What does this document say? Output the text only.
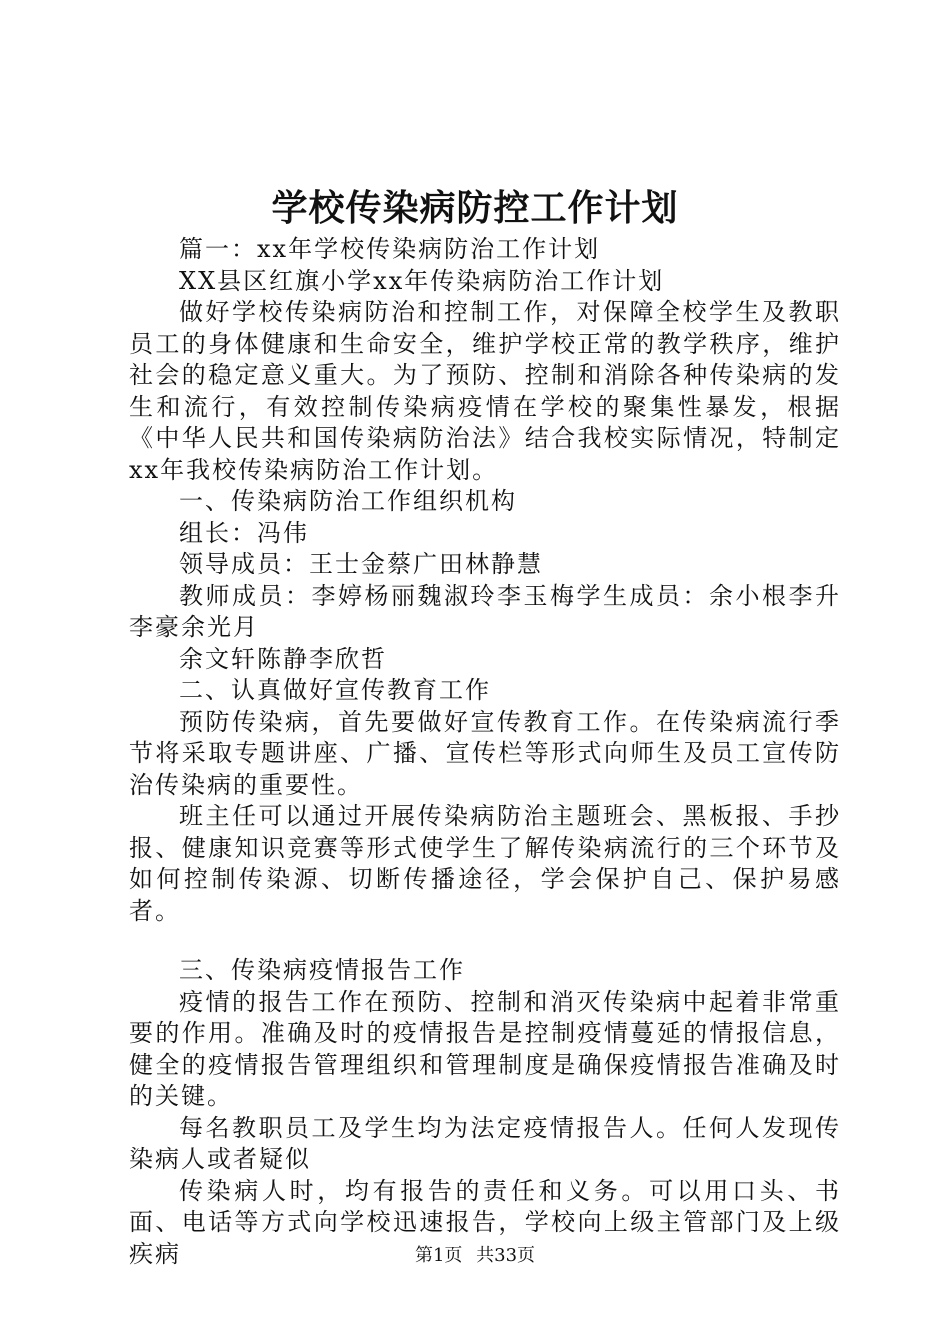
学校传染病防控工作计划

篇一：xx年学校传染病防治工作计划

XX县区红旗小学xx年传染病防治工作计划

做好学校传染病防治和控制工作，对保障全校学生及教职员工的身体健康和生命安全，维护学校正常的教学秩序，维护社会的稳定意义重大。为了预防、控制和消除各种传染病的发生和流行，有效控制传染病疫情在学校的聚集性暴发，根据《中华人民共和国传染病防治法》结合我校实际情况，特制定xx年我校传染病防治工作计划。

一、传染病防治工作组织机构

组长：冯伟

领导成员：王士金蔡广田林静慧

教师成员：李婷杨丽魏淑玲李玉梅学生成员：余小根李升李豪余光月

余文轩陈静李欣哲

二、认真做好宣传教育工作

预防传染病，首先要做好宣传教育工作。在传染病流行季节将采取专题讲座、广播、宣传栏等形式向师生及员工宣传防治传染病的重要性。

班主任可以通过开展传染病防治主题班会、黑板报、手抄报、健康知识竞赛等形式使学生了解传染病流行的三个环节及如何控制传染源、切断传播途径，学会保护自己、保护易感者。

三、传染病疫情报告工作

疫情的报告工作在预防、控制和消灭传染病中起着非常重要的作用。准确及时的疫情报告是控制疫情蔓延的情报信息，健全的疫情报告管理组织和管理制度是确保疫情报告准确及时的关键。

每名教职员工及学生均为法定疫情报告人。任何人发现传染病人或者疑似

传染病人时，均有报告的责任和义务。可以用口头、书面、电话等方式向学校迅速报告，学校向上级主管部门及上级疾病	第1页 共33页
